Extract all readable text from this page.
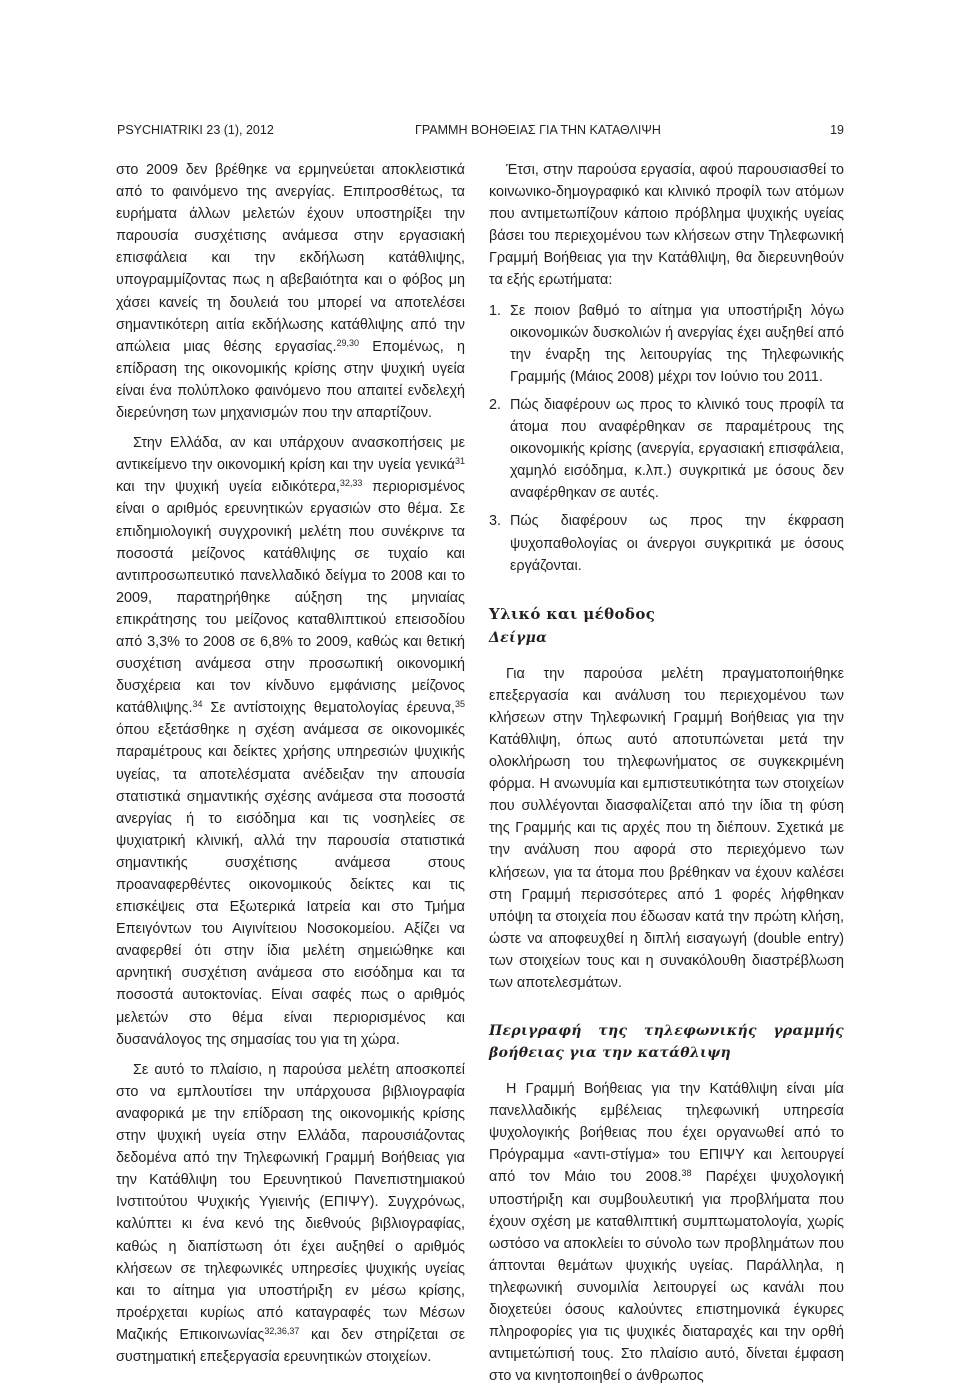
PSYCHIATRIKI 23 (1), 2012	ΓΡΑΜΜΗ ΒΟΗΘΕΙΑΣ ΓΙΑ ΤΗΝ ΚΑΤΑΘΛΙΨΗ	19

στο 2009 δεν βρέθηκε να ερμηνεύεται αποκλειστικά από το φαινόμενο της ανεργίας. Επιπροσθέτως, τα ευρήματα άλλων μελετών έχουν υποστηρίξει την παρουσία συσχέτισης ανάμεσα στην εργασιακή επισφάλεια και την εκδήλωση κατάθλιψης, υπογραμμίζοντας πως η αβεβαιότητα και ο φόβος μη χάσει κανείς τη δουλειά του μπορεί να αποτελέσει σημαντικότερη αιτία εκδήλωσης κατάθλιψης από την απώλεια μιας θέσης εργασίας.$^{29,30}$ Επομένως, η επίδραση της οικονομικής κρίσης στην ψυχική υγεία είναι ένα πολύπλοκο φαινόμενο που απαιτεί ενδελεχή διερεύνηση των μηχανισμών που την απαρτίζουν.

Στην Ελλάδα, αν και υπάρχουν ανασκοπήσεις με αντικείμενο την οικονομική κρίση και την υγεία γενικά$^{31}$ και την ψυχική υγεία ειδικότερα,$^{32,33}$ περιορισμένος είναι ο αριθμός ερευνητικών εργασιών στο θέμα. Σε επιδημιολογική συγχρονική μελέτη που συνέκρινε τα ποσοστά μείζονος κατάθλιψης σε τυχαίο και αντιπροσωπευτικό πανελλαδικό δείγμα το 2008 και το 2009, παρατηρήθηκε αύξηση της μηνιαίας επικράτησης του μείζονος καταθλιπτικού επεισοδίου από 3,3% το 2008 σε 6,8% το 2009, καθώς και θετική συσχέτιση ανάμεσα στην προσωπική οικονομική δυσχέρεια και τον κίνδυνο εμφάνισης μείζονος κατάθλιψης.$^{34}$ Σε αντίστοιχης θεματολογίας έρευνα,$^{35}$ όπου εξετάσθηκε η σχέση ανάμεσα σε οικονομικές παραμέτρους και δείκτες χρήσης υπηρεσιών ψυχικής υγείας, τα αποτελέσματα ανέδειξαν την απουσία στατιστικά σημαντικής σχέσης ανάμεσα στα ποσοστά ανεργίας ή το εισόδημα και τις νοσηλείες σε ψυχιατρική κλινική, αλλά την παρουσία στατιστικά σημαντικής συσχέτισης ανάμεσα στους προαναφερθέντες οικονομικούς δείκτες και τις επισκέψεις στα Εξωτερικά Ιατρεία και στο Τμήμα Επειγόντων του Αιγινίτειου Νοσοκομείου. Αξίζει να αναφερθεί ότι στην ίδια μελέτη σημειώθηκε και αρνητική συσχέτιση ανάμεσα στο εισόδημα και τα ποσοστά αυτοκτονίας. Είναι σαφές πως ο αριθμός μελετών στο θέμα είναι περιορισμένος και δυσανάλογος της σημασίας του για τη χώρα.

Σε αυτό το πλαίσιο, η παρούσα μελέτη αποσκοπεί στο να εμπλουτίσει την υπάρχουσα βιβλιογραφία αναφορικά με την επίδραση της οικονομικής κρίσης στην ψυχική υγεία στην Ελλάδα, παρουσιάζοντας δεδομένα από την Τηλεφωνική Γραμμή Βοήθειας για την Κατάθλιψη του Ερευνητικού Πανεπιστημιακού Ινστιτούτου Ψυχικής Υγιεινής (ΕΠΙΨΥ). Συγχρόνως, καλύπτει κι ένα κενό της διεθνούς βιβλιογραφίας, καθώς η διαπίστωση ότι έχει αυξηθεί ο αριθμός κλήσεων σε τηλεφωνικές υπηρεσίες ψυχικής υγείας και το αίτημα για υποστήριξη εν μέσω κρίσης, προέρχεται κυρίως από καταγραφές των Μέσων Μαζικής Επικοινωνίας$^{32,36,37}$ και δεν στηρίζεται σε συστηματική επεξεργασία ερευνητικών στοιχείων.

Έτσι, στην παρούσα εργασία, αφού παρουσιασθεί το κοινωνικο-δημογραφικό και κλινικό προφίλ των ατόμων που αντιμετωπίζουν κάποιο πρόβλημα ψυχικής υγείας βάσει του περιεχομένου των κλήσεων στην Τηλεφωνική Γραμμή Βοήθειας για την Κατάθλιψη, θα διερευνηθούν τα εξής ερωτήματα:

1. Σε ποιον βαθμό το αίτημα για υποστήριξη λόγω οικονομικών δυσκολιών ή ανεργίας έχει αυξηθεί από την έναρξη της λειτουργίας της Τηλεφωνικής Γραμμής (Μάιος 2008) μέχρι τον Ιούνιο του 2011.
2. Πώς διαφέρουν ως προς το κλινικό τους προφίλ τα άτομα που αναφέρθηκαν σε παραμέτρους της οικονομικής κρίσης (ανεργία, εργασιακή επισφάλεια, χαμηλό εισόδημα, κ.λπ.) συγκριτικά με όσους δεν αναφέρθηκαν σε αυτές.
3. Πώς διαφέρουν ως προς την έκφραση ψυχοπαθολογίας οι άνεργοι συγκριτικά με όσους εργάζονται.
Υλικό και μέθοδος
Δείγμα

Για την παρούσα μελέτη πραγματοποιήθηκε επεξεργασία και ανάλυση του περιεχομένου των κλήσεων στην Τηλεφωνική Γραμμή Βοήθειας για την Κατάθλιψη, όπως αυτό αποτυπώνεται μετά την ολοκλήρωση του τηλεφωνήματος σε συγκεκριμένη φόρμα. Η ανωνυμία και εμπιστευτικότητα των στοιχείων που συλλέγονται διασφαλίζεται από την ίδια τη φύση της Γραμμής και τις αρχές που τη διέπουν. Σχετικά με την ανάλυση που αφορά στο περιεχόμενο των κλήσεων, για τα άτομα που βρέθηκαν να έχουν καλέσει στη Γραμμή περισσότερες από 1 φορές λήφθηκαν υπόψη τα στοιχεία που έδωσαν κατά την πρώτη κλήση, ώστε να αποφευχθεί η διπλή εισαγωγή (double entry) των στοιχείων τους και η συνακόλουθη διαστρέβλωση των αποτελεσμάτων.

Περιγραφή της τηλεφωνικής γραμμής βοήθειας για την κατάθλιψη

Η Γραμμή Βοήθειας για την Κατάθλιψη είναι μία πανελλαδικής εμβέλειας τηλεφωνική υπηρεσία ψυχολογικής βοήθειας που έχει οργανωθεί από το Πρόγραμμα «αντι-στίγμα» του ΕΠΙΨΥ και λειτουργεί από τον Μάιο του 2008.38 Παρέχει ψυχολογική υποστήριξη και συμβουλευτική για προβλήματα που έχουν σχέση με καταθλιπτική συμπτωματολογία, χωρίς ωστόσο να αποκλείει το σύνολο των προβλημάτων που άπτονται θεμάτων ψυχικής υγείας. Παράλληλα, η τηλεφωνική συνομιλία λειτουργεί ως κανάλι που διοχετεύει όσους καλούντες επιστημονικά έγκυρες πληροφορίες για τις ψυχικές διαταραχές και την ορθή αντιμετώπισή τους. Στο πλαίσιο αυτό, δίνεται έμφαση στο να κινητοποιηθεί ο άνθρωπος
